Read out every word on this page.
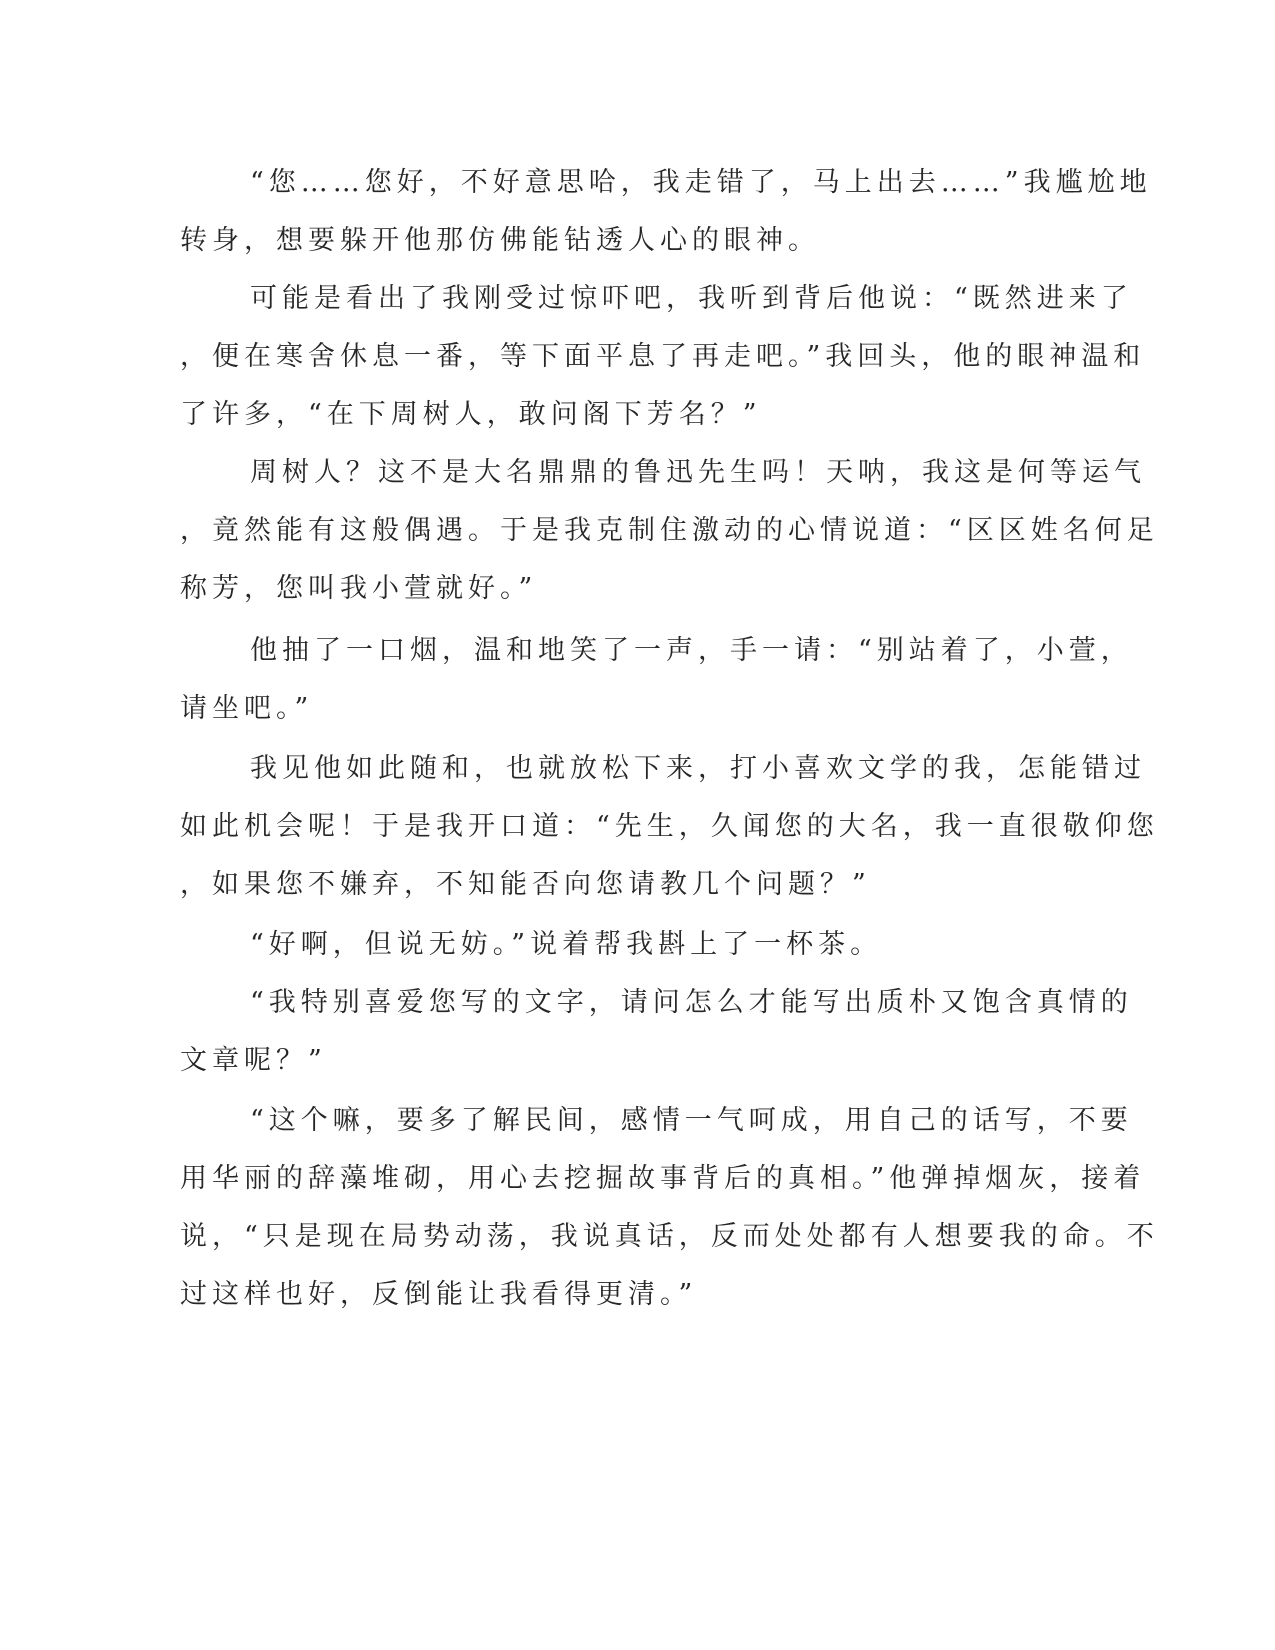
“您……您好，不好意思哈，我走错了，马上出去……”我尴尬地
转身，想要躲开他那仿佛能钻透人心的眼神。
可能是看出了我刚受过惊吓吧，我听到背后他说：“既然进来了
，便在寒舍休息一番，等下面平息了再走吧。”我回头，他的眼神温和
了许多，“在下周树人，敢问阁下芳名？”
周树人？这不是大名鼎鼎的鲁迅先生吗！天呐，我这是何等运气
，竟然能有这般偶遇。于是我克制住激动的心情说道：“区区姓名何足
称芳，您叫我小萱就好。”
他抽了一口烟，温和地笑了一声，手一请：“别站着了，小萱，
请坐吧。”
我见他如此随和，也就放松下来，打小喜欢文学的我，怎能错过
如此机会呢！于是我开口道：“先生，久闻您的大名，我一直很敬仰您
，如果您不嫌弃，不知能否向您请教几个问题？”
“好啊，但说无妨。”说着帮我斟上了一杯茶。
“我特别喜爱您写的文字，请问怎么才能写出质朴又饱含真情的
文章呢？”
“这个嘛，要多了解民间，感情一气呵成，用自己的话写，不要
用华丽的辞藻堆砌，用心去挖掘故事背后的真相。”他弹掉烟灰，接着
说，“只是现在局势动荡，我说真话，反而处处都有人想要我的命。不
过这样也好，反倒能让我看得更清。”
